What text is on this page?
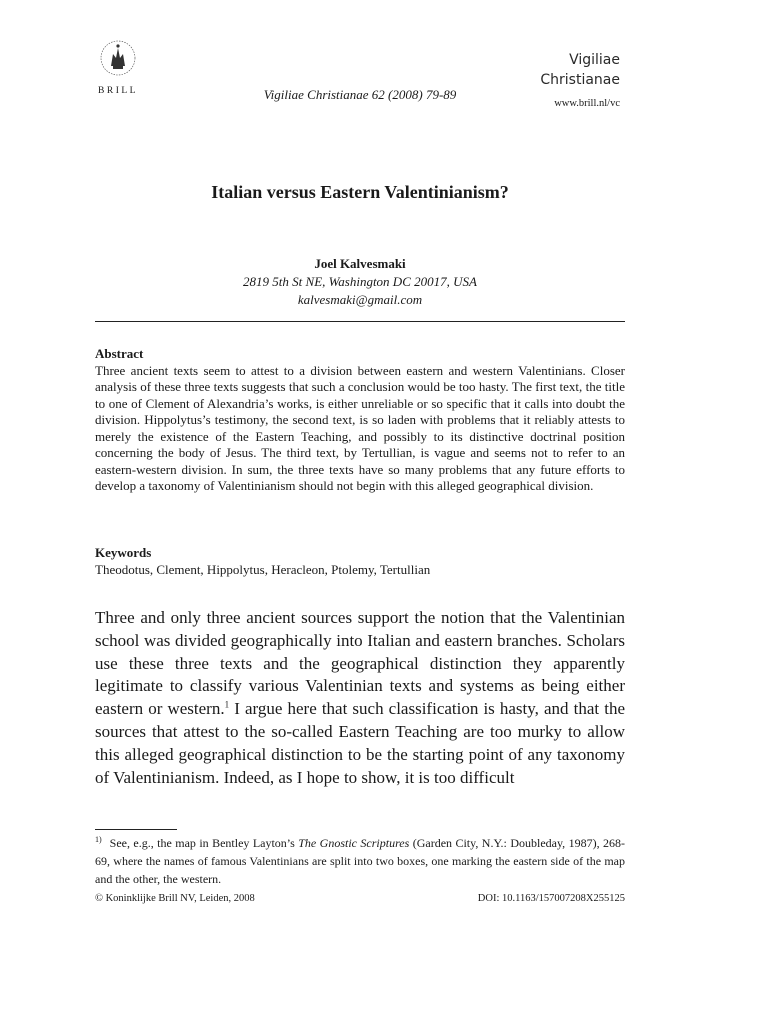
BRILL	Vigiliae Christianae 62 (2008) 79-89
Vigiliae
Christianae
www.brill.nl/vc
Italian versus Eastern Valentinianism?
Joel Kalvesmaki
2819 5th St NE, Washington DC 20017, USA
kalvesmaki@gmail.com
Abstract

Three ancient texts seem to attest to a division between eastern and western Valentinians. Closer analysis of these three texts suggests that such a conclusion would be too hasty. The first text, the title to one of Clement of Alexandria’s works, is either unreliable or so specific that it calls into doubt the division. Hippolytus’s testimony, the second text, is so laden with problems that it reliably attests to merely the existence of the Eastern Teaching, and possibly to its distinctive doctrinal position concerning the body of Jesus. The third text, by Tertullian, is vague and seems not to refer to an eastern-western division. In sum, the three texts have so many problems that any future efforts to develop a taxonomy of Valentinianism should not begin with this alleged geographical division.

Keywords

Theodotus, Clement, Hippolytus, Heracleon, Ptolemy, Tertullian

Three and only three ancient sources support the notion that the Valentinian school was divided geographically into Italian and eastern branches. Scholars use these three texts and the geographical distinction they apparently legitimate to classify various Valentinian texts and systems as being either eastern or western.$^1$ I argue here that such classification is hasty, and that the sources that attest to the so-called Eastern Teaching are too murky to allow this alleged geographical distinction to be the starting point of any taxonomy of Valentinianism. Indeed, as I hope to show, it is too difficult

$^{1)}$ See, e.g., the map in Bentley Layton’s The Gnostic Scriptures (Garden City, N.Y.: Doubleday, 1987), 268-69, where the names of famous Valentinians are split into two boxes, one marking the eastern side of the map and the other, the western.

© Koninklijke Brill NV, Leiden, 2008	DOI: 10.1163/157007208X255125
